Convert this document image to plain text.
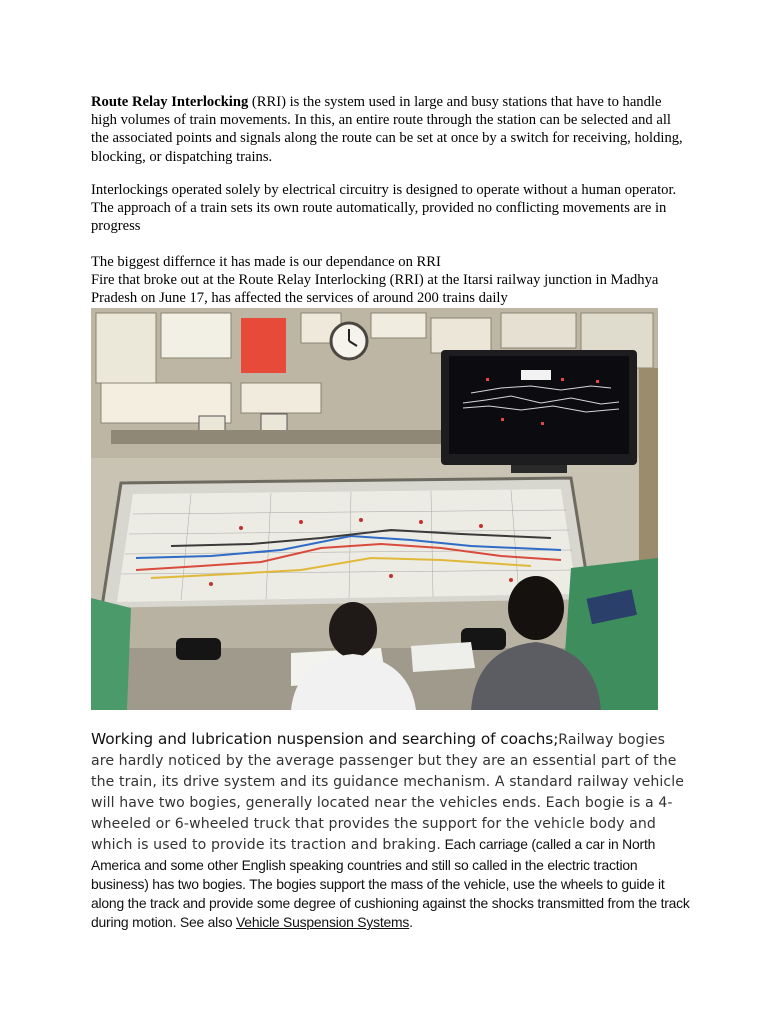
Route Relay Interlocking (RRI) is the system used in large and busy stations that have to handle high volumes of train movements. In this, an entire route through the station can be selected and all the associated points and signals along the route can be set at once by a switch for receiving, holding, blocking, or dispatching trains.

Interlockings operated solely by electrical circuitry is designed to operate without a human operator. The approach of a train sets its own route automatically, provided no conflicting movements are in progress

The biggest differnce it has made is our dependance on RRI
Fire that broke out at the Route Relay Interlocking (RRI) at the Itarsi railway junction in Madhya Pradesh on June 17, has affected the services of around 200 trains daily
Working and lubrication nuspension and searching of coachs;Railway bogies are hardly noticed by the average passenger but they are an essential part of the the train, its drive system and its guidance mechanism. A standard railway vehicle will have two bogies, generally located near the vehicles ends. Each bogie is a 4-wheeled or 6-wheeled truck that provides the support for the vehicle body and which is used to provide its traction and braking. Each carriage (called a car in North America and some other English speaking countries and still so called in the electric traction business) has two bogies. The bogies support the mass of the vehicle, use the wheels to guide it along the track and provide some degree of cushioning against the shocks transmitted from the track during motion. See also Vehicle Suspension Systems.
